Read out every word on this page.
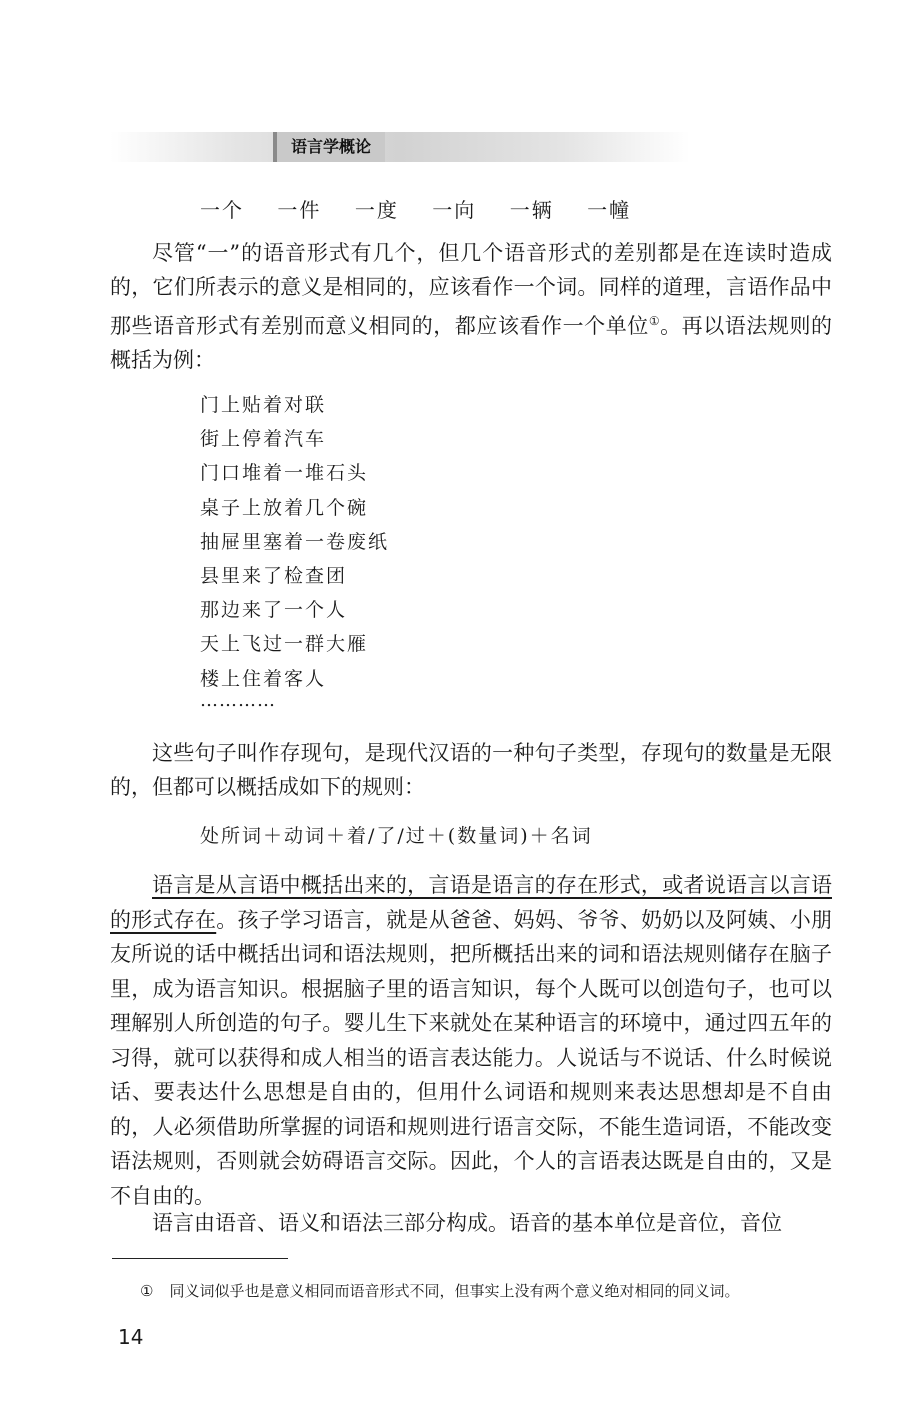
语言学概论
一个    一件    一度    一向    一辆    一幢
尽管“一”的语音形式有几个，但几个语音形式的差别都是在连读时造成的，它们所表示的意义是相同的，应该看作一个词。同样的道理，言语作品中那些语音形式有差别而意义相同的，都应该看作一个单位①。再以语法规则的概括为例：
门上贴着对联
街上停着汽车
门口堆着一堆石头
桌子上放着几个碗
抽屉里塞着一卷废纸
县里来了检查团
那边来了一个人
天上飞过一群大雁
楼上住着客人
…………
这些句子叫作存现句，是现代汉语的一种句子类型，存现句的数量是无限的，但都可以概括成如下的规则：
处所词＋动词＋着/了/过＋(数量词)＋名词
语言是从言语中概括出来的，言语是语言的存在形式，或者说语言以言语的形式存在。孩子学习语言，就是从爸爸、妈妈、爷爷、奶奶以及阿姨、小朋友所说的话中概括出词和语法规则，把所概括出来的词和语法规则储存在脑子里，成为语言知识。根据脑子里的语言知识，每个人既可以创造句子，也可以理解别人所创造的句子。婴儿生下来就处在某种语言的环境中，通过四五年的习得，就可以获得和成人相当的语言表达能力。人说话与不说话、什么时候说话、要表达什么思想是自由的，但用什么词语和规则来表达思想却是不自由的，人必须借助所掌握的词语和规则进行语言交际，不能生造词语，不能改变语法规则，否则就会妨碍语言交际。因此，个人的言语表达既是自由的，又是不自由的。
语言由语音、语义和语法三部分构成。语音的基本单位是音位，音位
① 同义词似乎也是意义相同而语音形式不同，但事实上没有两个意义绝对相同的同义词。
14
